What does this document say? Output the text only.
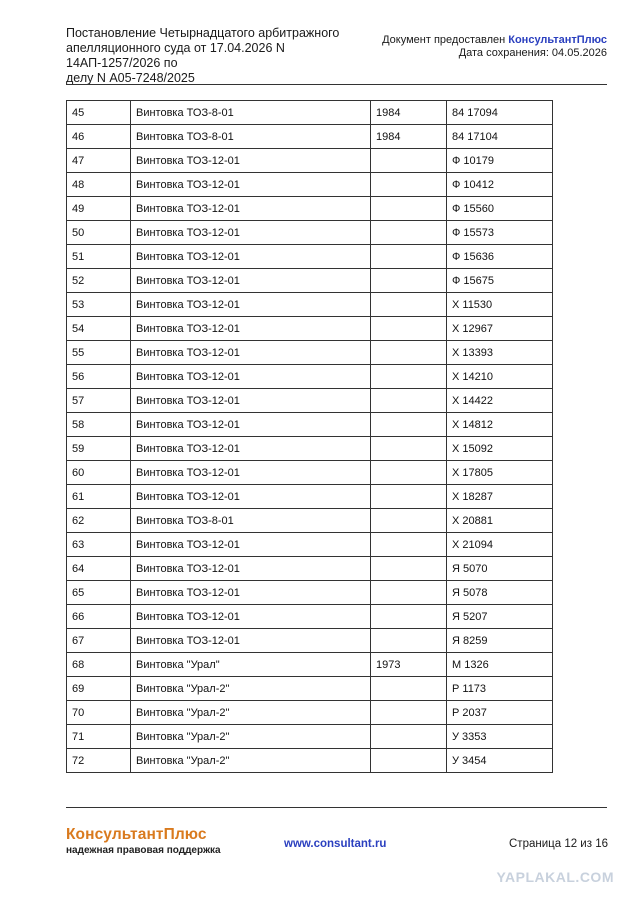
Постановление Четырнадцатого арбитражного
апелляционного суда от 17.04.2026 N 14АП-1257/2026 по
делу N А05-7248/2025
Документ предоставлен КонсультантПлюс
Дата сохранения: 04.05.2026
45	Винтовка ТОЗ-8-01	1984	84 17094
46	Винтовка ТОЗ-8-01	1984	84 17104
47	Винтовка ТОЗ-12-01		Ф 10179
48	Винтовка ТОЗ-12-01		Ф 10412
49	Винтовка ТОЗ-12-01		Ф 15560
50	Винтовка ТОЗ-12-01		Ф 15573
51	Винтовка ТОЗ-12-01		Ф 15636
52	Винтовка ТОЗ-12-01		Ф 15675
53	Винтовка ТОЗ-12-01		Х 11530
54	Винтовка ТОЗ-12-01		Х 12967
55	Винтовка ТОЗ-12-01		Х 13393
56	Винтовка ТОЗ-12-01		Х 14210
57	Винтовка ТОЗ-12-01		Х 14422
58	Винтовка ТОЗ-12-01		Х 14812
59	Винтовка ТОЗ-12-01		Х 15092
60	Винтовка ТОЗ-12-01		Х 17805
61	Винтовка ТОЗ-12-01		Х 18287
62	Винтовка ТОЗ-8-01		Х 20881
63	Винтовка ТОЗ-12-01		Х 21094
64	Винтовка ТОЗ-12-01		Я 5070
65	Винтовка ТОЗ-12-01		Я 5078
66	Винтовка ТОЗ-12-01		Я 5207
67	Винтовка ТОЗ-12-01		Я 8259
68	Винтовка "Урал"	1973	М 1326
69	Винтовка "Урал-2"		Р 1173
70	Винтовка "Урал-2"		Р 2037
71	Винтовка "Урал-2"		У 3353
72	Винтовка "Урал-2"		У 3454
КонсультантПлюс
надежная правовая поддержка
www.consultant.ru	Страница 12 из 16
YAPLAKAL.COM
